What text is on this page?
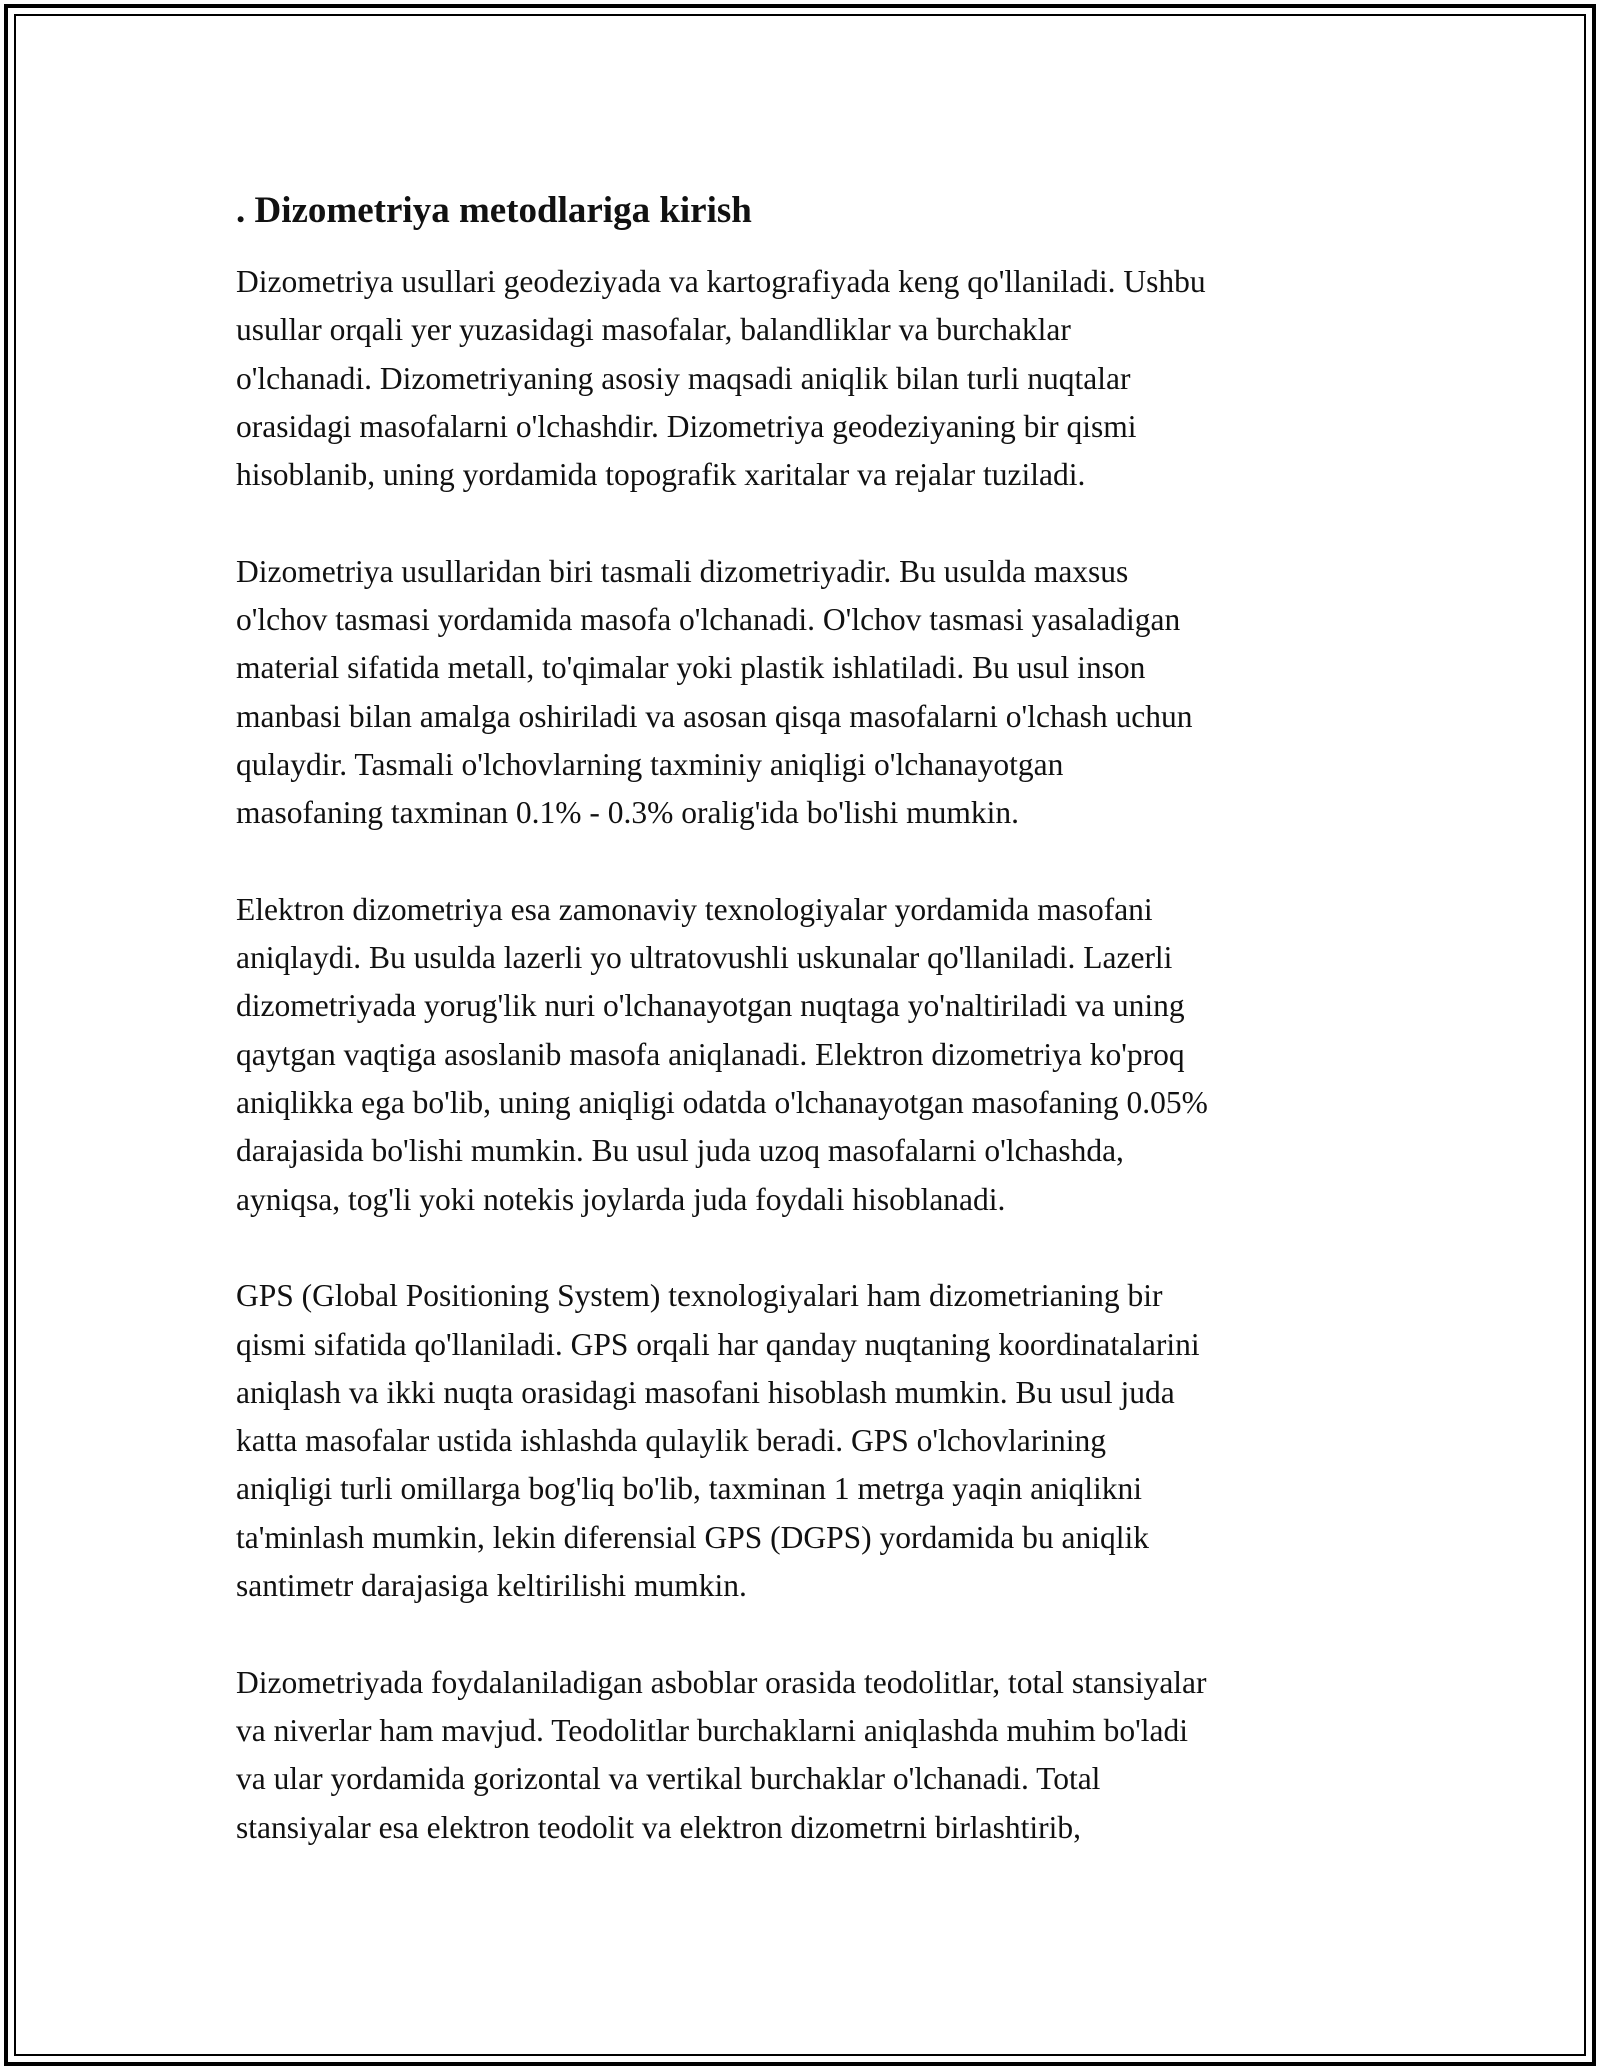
. Dizometriya metodlariga kirish
Dizometriya usullari geodeziyada va kartografiyada keng qo'llaniladi. Ushbu
usullar orqali yer yuzasidagi masofalar, balandliklar va burchaklar
o'lchanadi. Dizometriyaning asosiy maqsadi aniqlik bilan turli nuqtalar
orasidagi masofalarni o'lchashdir. Dizometriya geodeziyaning bir qismi
hisoblanib, uning yordamida topografik xaritalar va rejalar tuziladi.
Dizometriya usullaridan biri tasmali dizometriyadir. Bu usulda maxsus
o'lchov tasmasi yordamida masofa o'lchanadi. O'lchov tasmasi yasaladigan
material sifatida metall, to'qimalar yoki plastik ishlatiladi. Bu usul inson
manbasi bilan amalga oshiriladi va asosan qisqa masofalarni o'lchash uchun
qulaydir. Tasmali o'lchovlarning taxminiy aniqligi o'lchanayotgan
masofaning taxminan 0.1% - 0.3% oralig'ida bo'lishi mumkin.
Elektron dizometriya esa zamonaviy texnologiyalar yordamida masofani
aniqlaydi. Bu usulda lazerli yo ultratovushli uskunalar qo'llaniladi. Lazerli
dizometriyada yorug'lik nuri o'lchanayotgan nuqtaga yo'naltiriladi va uning
qaytgan vaqtiga asoslanib masofa aniqlanadi. Elektron dizometriya ko'proq
aniqlikka ega bo'lib, uning aniqligi odatda o'lchanayotgan masofaning 0.05%
darajasida bo'lishi mumkin. Bu usul juda uzoq masofalarni o'lchashda,
ayniqsa, tog'li yoki notekis joylarda juda foydali hisoblanadi.
GPS (Global Positioning System) texnologiyalari ham dizometrianing bir
qismi sifatida qo'llaniladi. GPS orqali har qanday nuqtaning koordinatalarini
aniqlash va ikki nuqta orasidagi masofani hisoblash mumkin. Bu usul juda
katta masofalar ustida ishlashda qulaylik beradi. GPS o'lchovlarining
aniqligi turli omillarga bog'liq bo'lib, taxminan 1 metrga yaqin aniqlikni
ta'minlash mumkin, lekin diferensial GPS (DGPS) yordamida bu aniqlik
santimetr darajasiga keltirilishi mumkin.
Dizometriyada foydalaniladigan asboblar orasida teodolitlar, total stansiyalar
va niverlar ham mavjud. Teodolitlar burchaklarni aniqlashda muhim bo'ladi
va ular yordamida gorizontal va vertikal burchaklar o'lchanadi. Total
stansiyalar esa elektron teodolit va elektron dizometrni birlashtirib,
